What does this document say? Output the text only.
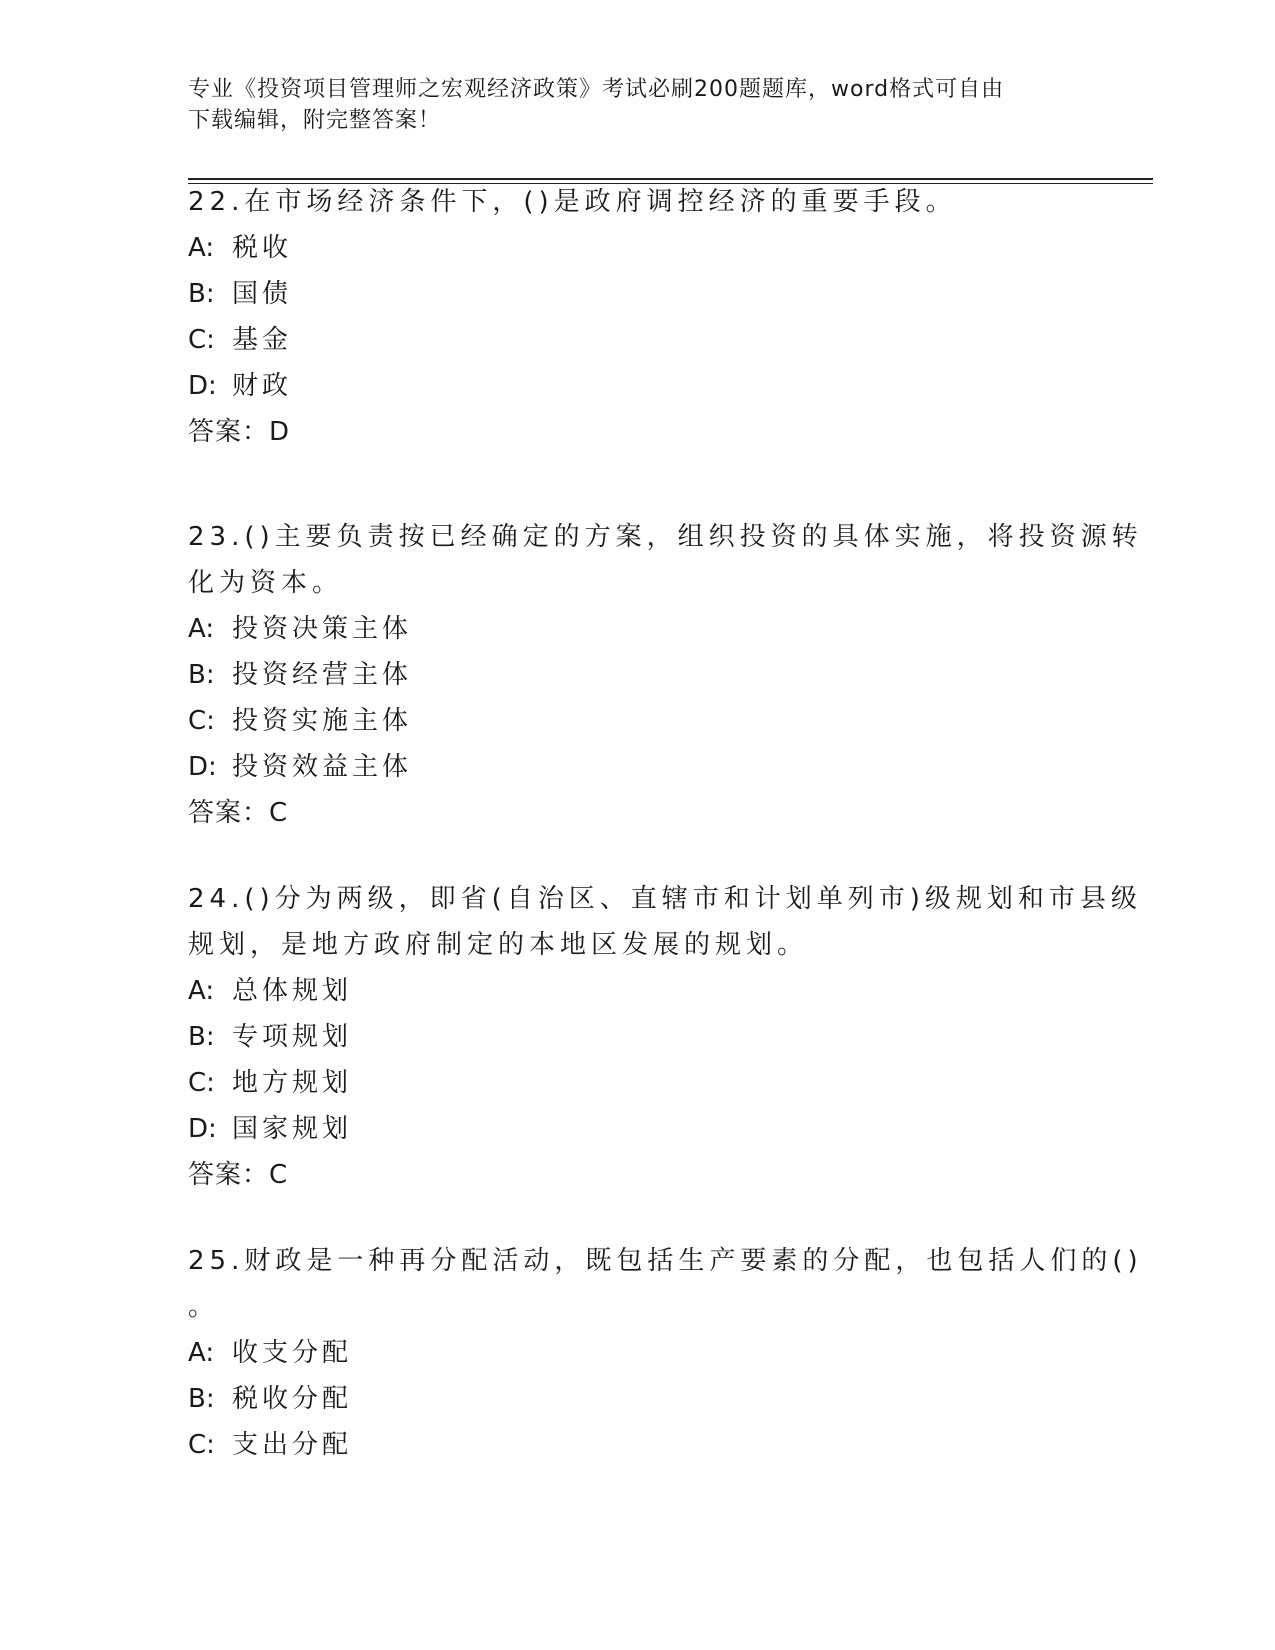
专业《投资项目管理师之宏观经济政策》考试必刷200题题库，word格式可自由
下载编辑，附完整答案！
22.在市场经济条件下，()是政府调控经济的重要手段。
A: 税收
B: 国债
C: 基金
D: 财政
答案：D
23.()主要负责按已经确定的方案，组织投资的具体实施，将投资源转
化为资本。
A: 投资决策主体
B: 投资经营主体
C: 投资实施主体
D: 投资效益主体
答案：C
24.()分为两级，即省(自治区、直辖市和计划单列市)级规划和市县级
规划，是地方政府制定的本地区发展的规划。
A: 总体规划
B: 专项规划
C: 地方规划
D: 国家规划
答案：C
25.财政是一种再分配活动，既包括生产要素的分配，也包括人们的()
。
A: 收支分配
B: 税收分配
C: 支出分配
